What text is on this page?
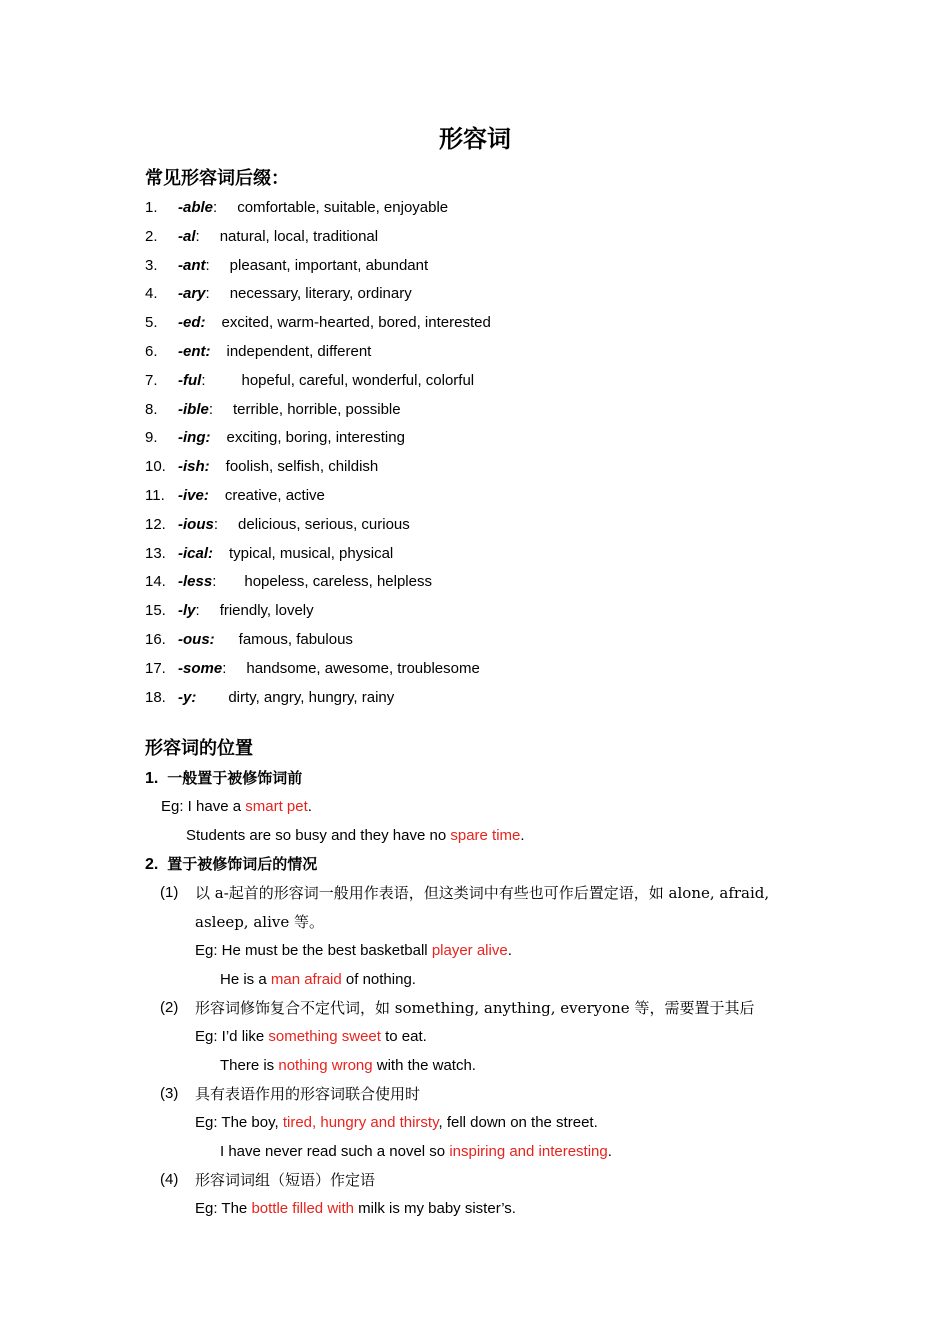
形容词
常见形容词后缀：
1. -able: comfortable, suitable, enjoyable
2. -al: natural, local, traditional
3. -ant: pleasant, important, abundant
4. -ary: necessary, literary, ordinary
5. -ed: excited, warm-hearted, bored, interested
6. -ent: independent, different
7. -ful: hopeful, careful, wonderful, colorful
8. -ible: terrible, horrible, possible
9. -ing: exciting, boring, interesting
10. -ish: foolish, selfish, childish
11. -ive: creative, active
12. -ious: delicious, serious, curious
13. -ical: typical, musical, physical
14. -less: hopeless, careless, helpless
15. -ly: friendly, lovely
16. -ous: famous, fabulous
17. -some: handsome, awesome, troublesome
18. -y: dirty, angry, hungry, rainy
形容词的位置
1. 一般置于被修饰词前
Eg: I have a smart pet.
Students are so busy and they have no spare time.
2. 置于被修饰词后的情况
(1) 以 a-起首的形容词一般用作表语，但这类词中有些也可作后置定语，如 alone, afraid,
asleep, alive 等。
Eg: He must be the best basketball player alive.
He is a man afraid of nothing.
(2) 形容词修饰复合不定代词，如 something, anything, everyone 等，需要置于其后
Eg: I’d like something sweet to eat.
There is nothing wrong with the watch.
(3) 具有表语作用的形容词联合使用时
Eg: The boy, tired, hungry and thirsty, fell down on the street.
I have never read such a novel so inspiring and interesting.
(4) 形容词词组（短语）作定语
Eg: The bottle filled with milk is my baby sister’s.
